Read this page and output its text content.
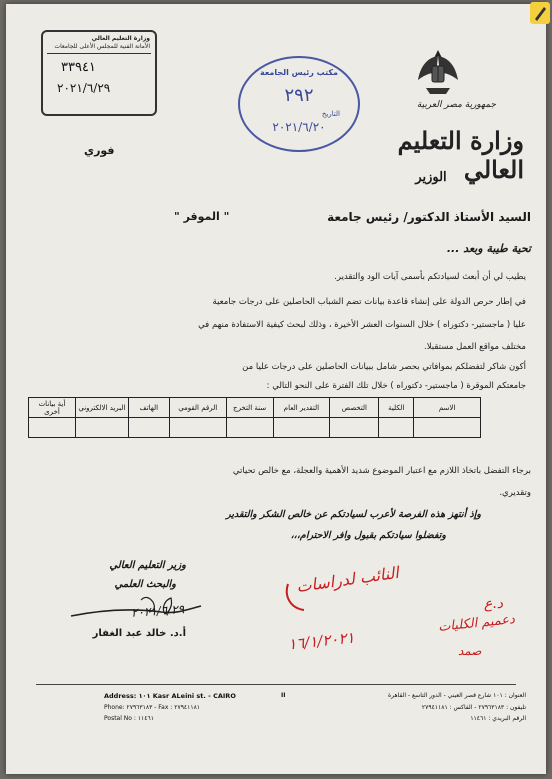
جمهورية مصر العربية
وزارة التعليم العالي
الوزير
وزارة التعليم العالي
الأمانة الفنية للمجلس الأعلى للجامعات
٣٣٩٤١
٢٠٢١/٦/٢٩
مكتب رئيس الجامعة
٢٩٢
التاريخ
٢٠٢١/٦/٢٠
فوري
السيد الأستاذ الدكتور/ رئيس جامعة
" الموقر "
تحية طيبة وبعد ...
يطيب لي أن أبعث لسيادتكم بأسمى آيات الود والتقدير.
في إطار حرص الدولة على إنشاء قاعدة بيانات تضم الشباب الحاصلين على درجات جامعية
عليا ( ماجستير- دكتوراه ) خلال السنوات العشر الأخيرة ، وذلك لبحث كيفية الاستفادة منهم في
مختلف مواقع العمل مستقبلا.
أكون شاكر لتفضلكم بموافاتي بحصر شامل ببيانات الحاصلين على درجات عليا من
جامعتكم الموقرة ( ماجستير- دكتوراه ) خلال تلك الفترة على النحو التالي :
الاسم	الكلية	التخصص	التقدير العام	سنة التخرج	الرقم القومي	الهاتف	البريد الالكتروني	أية بيانات أخرى

برجاء التفضل باتخاذ اللازم مع اعتبار الموضوع شديد الأهمية والعجلة، مع خالص تحياتي
وتقديري.
وإذ أنتهز هذه الفرصة لأعرب لسيادتكم عن خالص الشكر والتقدير
وتفضلوا سيادتكم بقبول وافر الاحترام،،،
وزير التعليم العالي
والبحث العلمي
٢٠٢١/٦/٢٩
أ.د. خالد عبد الغفار
النائب لدراسات
١٦/١/٢٠٢١
د.ع
دعميم الكليات
صمد
Address: ١٠١ Kasr ALeini st. - CAIRO
Phone: ٢٧٩٦٣١٨٣ - Fax : ٢٧٩٤١١٨١
Postal No : ١١٤٦١
II	العنوان : ١٠١ شارع قصر العيني - الدور التاسع - القاهرة
تليفون : ٢٧٩٦٣١٨٣ - الفاكس : ٢٧٩٤١١٨١
الرقم البريدي : ١١٤٦١
